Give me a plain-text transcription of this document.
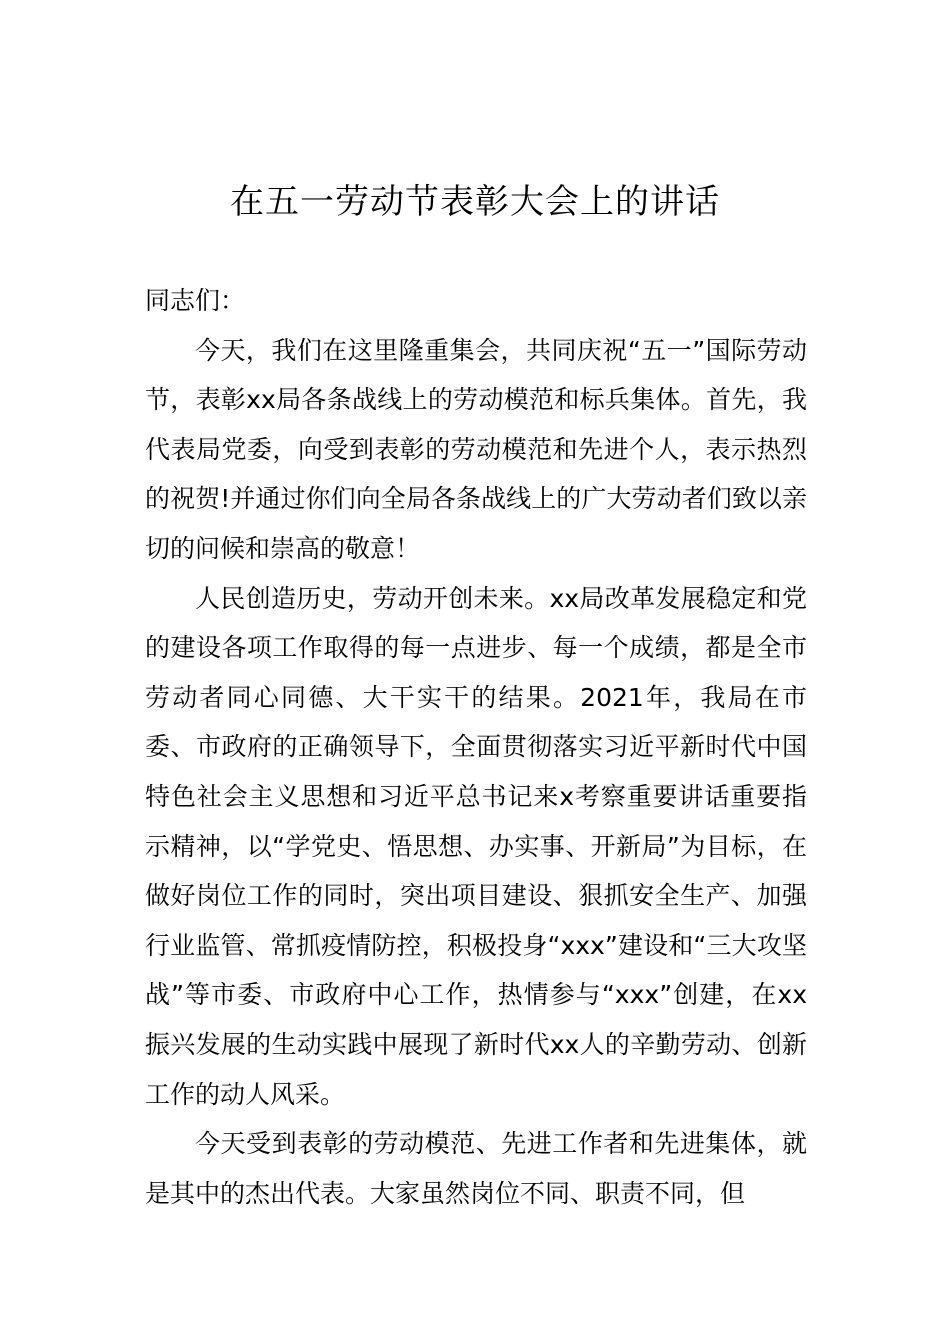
在五一劳动节表彰大会上的讲话

同志们：

今天，我们在这里隆重集会，共同庆祝“五一”国际劳动节，表彰xx局各条战线上的劳动模范和标兵集体。首先，我代表局党委，向受到表彰的劳动模范和先进个人，表示热烈的祝贺!并通过你们向全局各条战线上的广大劳动者们致以亲切的问候和崇高的敬意！

人民创造历史，劳动开创未来。xx局改革发展稳定和党的建设各项工作取得的每一点进步、每一个成绩，都是全市劳动者同心同德、大干实干的结果。2021年，我局在市委、市政府的正确领导下，全面贯彻落实习近平新时代中国特色社会主义思想和习近平总书记来x考察重要讲话重要指示精神，以“学党史、悟思想、办实事、开新局”为目标，在做好岗位工作的同时，突出项目建设、狠抓安全生产、加强行业监管、常抓疫情防控，积极投身“xxx”建设和“三大攻坚战”等市委、市政府中心工作，热情参与“xxx”创建，在xx振兴发展的生动实践中展现了新时代xx人的辛勤劳动、创新工作的动人风采。

今天受到表彰的劳动模范、先进工作者和先进集体，就是其中的杰出代表。大家虽然岗位不同、职责不同，但
